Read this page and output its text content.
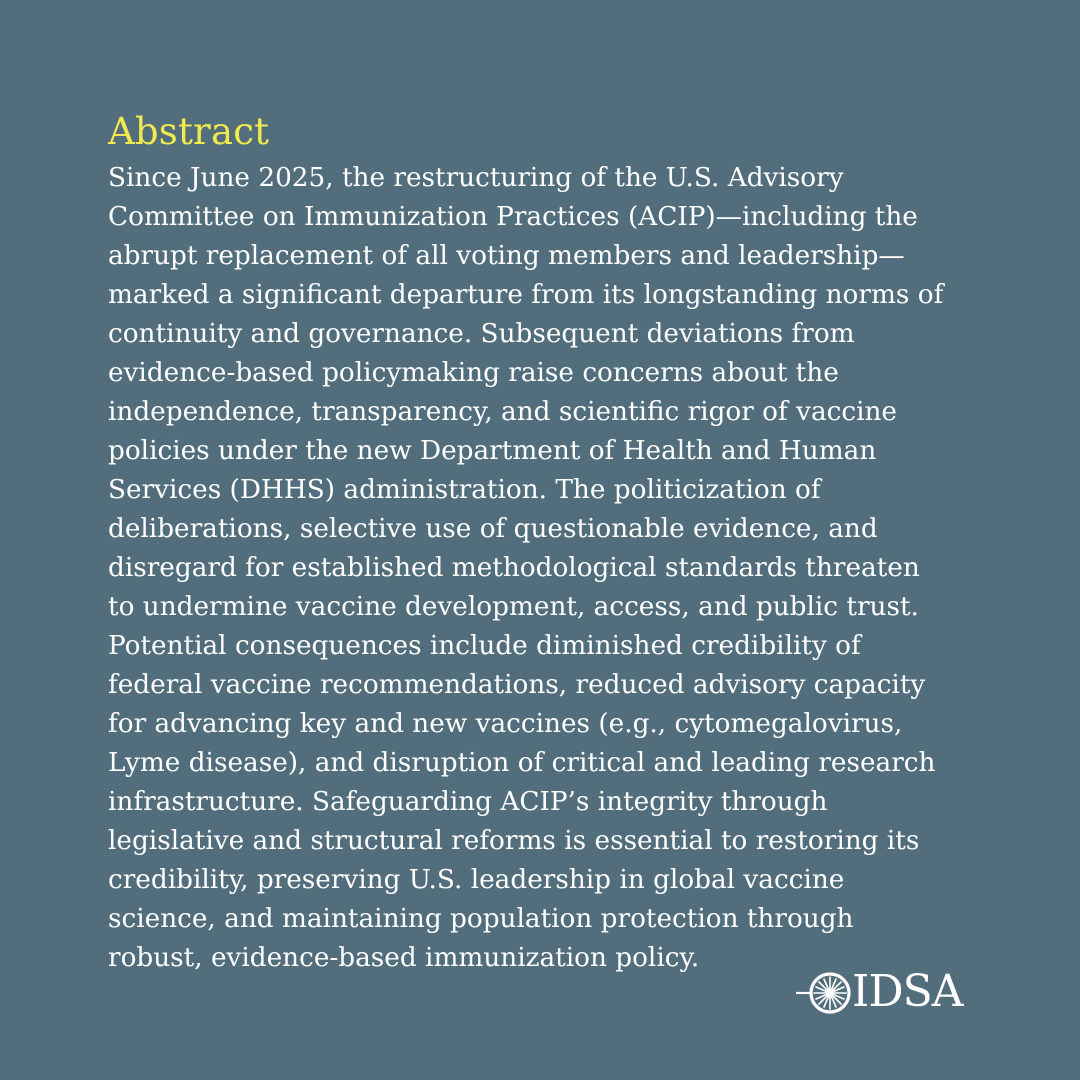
Abstract

Since June 2025, the restructuring of the U.S. Advisory
Committee on Immunization Practices (ACIP)—including the
abrupt replacement of all voting members and leadership—
marked a significant departure from its longstanding norms of
continuity and governance. Subsequent deviations from
evidence-based policymaking raise concerns about the
independence, transparency, and scientific rigor of vaccine
policies under the new Department of Health and Human
Services (DHHS) administration. The politicization of
deliberations, selective use of questionable evidence, and
disregard for established methodological standards threaten
to undermine vaccine development, access, and public trust.
Potential consequences include diminished credibility of
federal vaccine recommendations, reduced advisory capacity
for advancing key and new vaccines (e.g., cytomegalovirus,
Lyme disease), and disruption of critical and leading research
infrastructure. Safeguarding ACIP’s integrity through
legislative and structural reforms is essential to restoring its
credibility, preserving U.S. leadership in global vaccine
science, and maintaining population protection through
robust, evidence-based immunization policy.

IDSA
